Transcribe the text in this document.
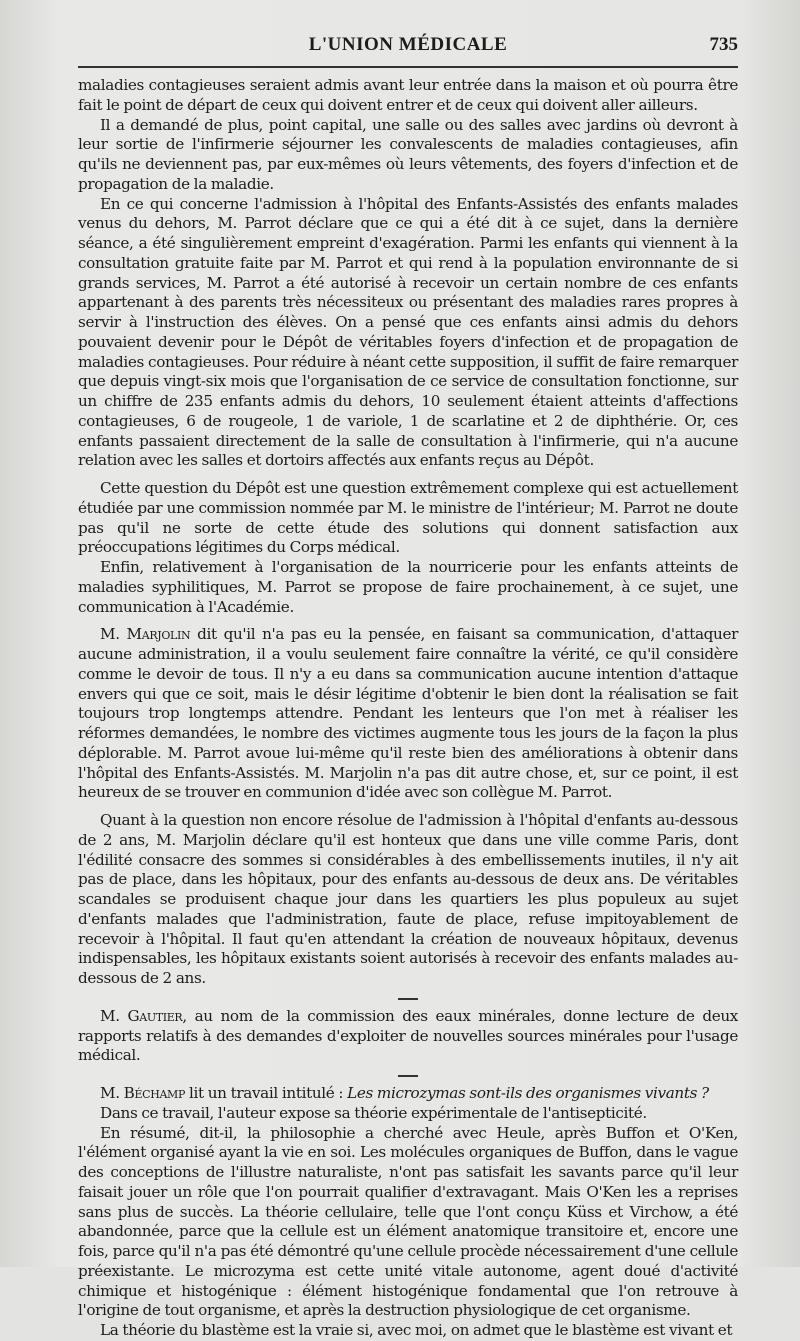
L'UNION MÉDICALE	735

maladies contagieuses seraient admis avant leur entrée dans la maison et où pourra être fait le point de départ de ceux qui doivent entrer et de ceux qui doivent aller ailleurs.

Il a demandé de plus, point capital, une salle ou des salles avec jardins où devront à leur sortie de l'infirmerie séjourner les convalescents de maladies contagieuses, afin qu'ils ne deviennent pas, par eux-mêmes où leurs vêtements, des foyers d'infection et de propagation de la maladie.

En ce qui concerne l'admission à l'hôpital des Enfants-Assistés des enfants malades venus du dehors, M. Parrot déclare que ce qui a été dit à ce sujet, dans la dernière séance, a été singulièrement empreint d'exagération. Parmi les enfants qui viennent à la consultation gratuite faite par M. Parrot et qui rend à la population environnante de si grands services, M. Parrot a été autorisé à recevoir un certain nombre de ces enfants appartenant à des parents très nécessiteux ou présentant des maladies rares propres à servir à l'instruction des élèves. On a pensé que ces enfants ainsi admis du dehors pouvaient devenir pour le Dépôt de véritables foyers d'infection et de propagation de maladies contagieuses. Pour réduire à néant cette supposition, il suffit de faire remarquer que depuis vingt-six mois que l'organisation de ce service de consultation fonctionne, sur un chiffre de 235 enfants admis du dehors, 10 seulement étaient atteints d'affections contagieuses, 6 de rougeole, 1 de variole, 1 de scarlatine et 2 de diphthérie. Or, ces enfants passaient directement de la salle de consultation à l'infirmerie, qui n'a aucune relation avec les salles et dortoirs affectés aux enfants reçus au Dépôt.

Cette question du Dépôt est une question extrêmement complexe qui est actuellement étudiée par une commission nommée par M. le ministre de l'intérieur; M. Parrot ne doute pas qu'il ne sorte de cette étude des solutions qui donnent satisfaction aux préoccupations légitimes du Corps médical.

Enfin, relativement à l'organisation de la nourricerie pour les enfants atteints de maladies syphilitiques, M. Parrot se propose de faire prochainement, à ce sujet, une communication à l'Académie.

M. Marjolin dit qu'il n'a pas eu la pensée, en faisant sa communication, d'attaquer aucune administration, il a voulu seulement faire connaître la vérité, ce qu'il considère comme le devoir de tous. Il n'y a eu dans sa communication aucune intention d'attaque envers qui que ce soit, mais le désir légitime d'obtenir le bien dont la réalisation se fait toujours trop longtemps attendre. Pendant les lenteurs que l'on met à réaliser les réformes demandées, le nombre des victimes augmente tous les jours de la façon la plus déplorable. M. Parrot avoue lui-même qu'il reste bien des améliorations à obtenir dans l'hôpital des Enfants-Assistés. M. Marjolin n'a pas dit autre chose, et, sur ce point, il est heureux de se trouver en communion d'idée avec son collègue M. Parrot.

Quant à la question non encore résolue de l'admission à l'hôpital d'enfants au-dessous de 2 ans, M. Marjolin déclare qu'il est honteux que dans une ville comme Paris, dont l'édilité consacre des sommes si considérables à des embellissements inutiles, il n'y ait pas de place, dans les hôpitaux, pour des enfants au-dessous de deux ans. De véritables scandales se produisent chaque jour dans les quartiers les plus populeux au sujet d'enfants malades que l'administration, faute de place, refuse impitoyablement de recevoir à l'hôpital. Il faut qu'en attendant la création de nouveaux hôpitaux, devenus indispensables, les hôpitaux existants soient autorisés à recevoir des enfants malades au-dessous de 2 ans.

M. Gautier, au nom de la commission des eaux minérales, donne lecture de deux rapports relatifs à des demandes d'exploiter de nouvelles sources minérales pour l'usage médical.

M. Béchamp lit un travail intitulé : Les microzymas sont-ils des organismes vivants ?

Dans ce travail, l'auteur expose sa théorie expérimentale de l'antisepticité.

En résumé, dit-il, la philosophie a cherché avec Heule, après Buffon et O'Ken, l'élément organisé ayant la vie en soi. Les molécules organiques de Buffon, dans le vague des conceptions de l'illustre naturaliste, n'ont pas satisfait les savants parce qu'il leur faisait jouer un rôle que l'on pourrait qualifier d'extravagant. Mais O'Ken les a reprises sans plus de succès. La théorie cellulaire, telle que l'ont conçu Küss et Virchow, a été abandonnée, parce que la cellule est un élément anatomique transitoire et, encore une fois, parce qu'il n'a pas été démontré qu'une cellule procède nécessairement d'une cellule préexistante. Le microzyma est cette unité vitale autonome, agent doué d'activité chimique et histogénique : élément histogénique fondamental que l'on retrouve à l'origine de tout organisme, et après la destruction physiologique de cet organisme.

La théorie du blastème est la vraie si, avec moi, on admet que le blastème est vivant et
